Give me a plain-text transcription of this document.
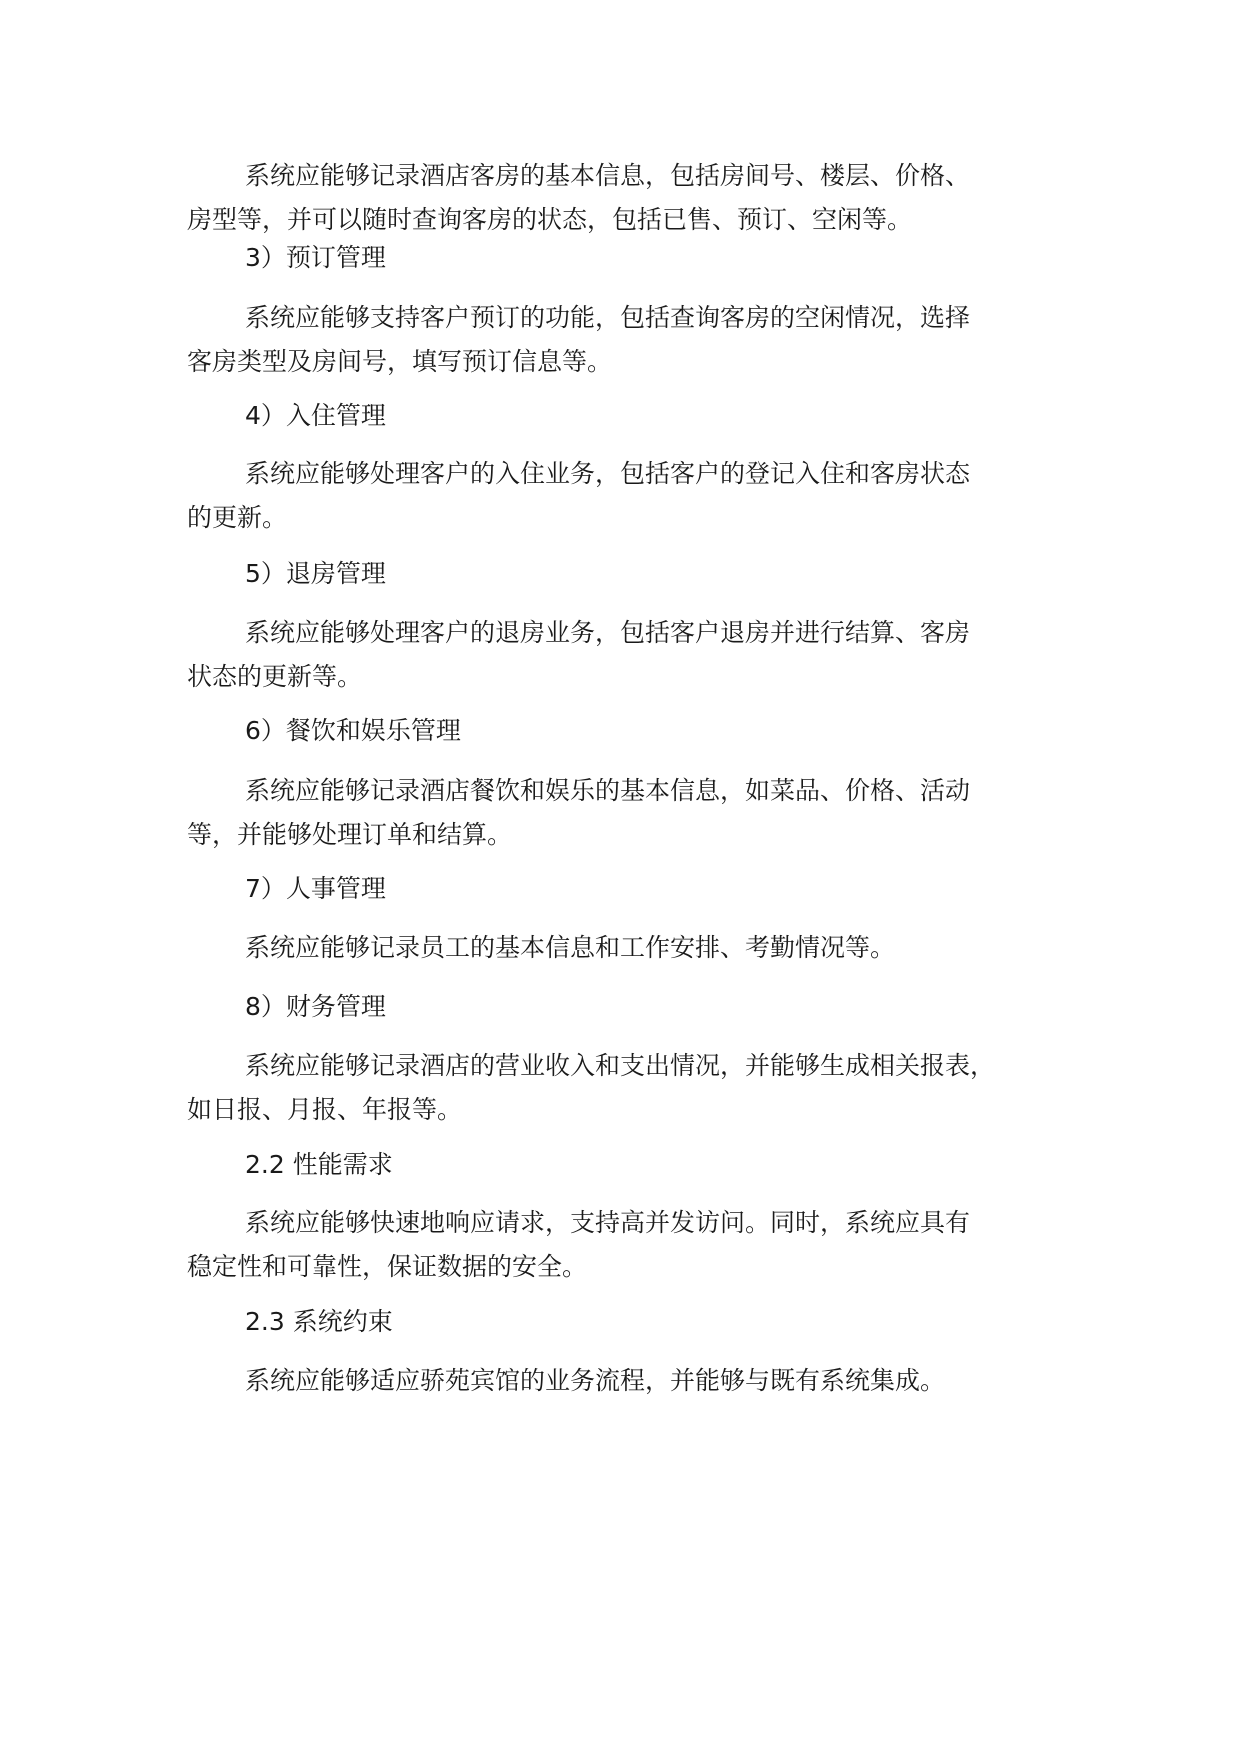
系统应能够记录酒店客房的基本信息，包括房间号、楼层、价格、
房型等，并可以随时查询客房的状态，包括已售、预订、空闲等。

3）预订管理

系统应能够支持客户预订的功能，包括查询客房的空闲情况，选择
客房类型及房间号，填写预订信息等。

4）入住管理

系统应能够处理客户的入住业务，包括客户的登记入住和客房状态
的更新。

5）退房管理

系统应能够处理客户的退房业务，包括客户退房并进行结算、客房
状态的更新等。

6）餐饮和娱乐管理

系统应能够记录酒店餐饮和娱乐的基本信息，如菜品、价格、活动
等，并能够处理订单和结算。

7）人事管理

系统应能够记录员工的基本信息和工作安排、考勤情况等。

8）财务管理

系统应能够记录酒店的营业收入和支出情况，并能够生成相关报表，
如日报、月报、年报等。

2.2 性能需求

系统应能够快速地响应请求，支持高并发访问。同时，系统应具有
稳定性和可靠性，保证数据的安全。

2.3 系统约束

系统应能够适应骄苑宾馆的业务流程，并能够与既有系统集成。
